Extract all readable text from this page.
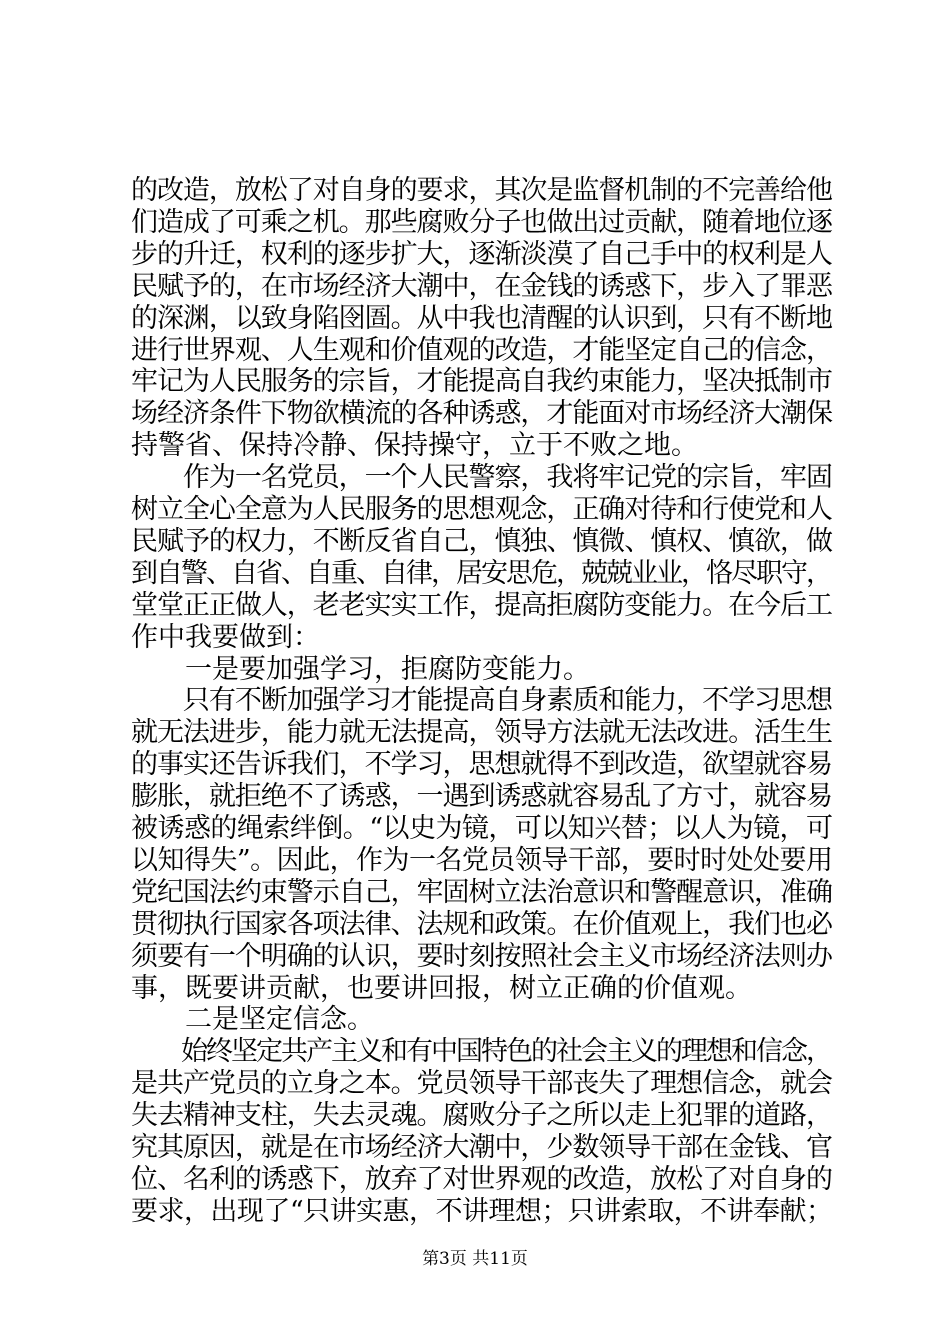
的改造，放松了对自身的要求，其次是监督机制的不完善给他

们造成了可乘之机。那些腐败分子也做出过贡献，随着地位逐

步的升迁，权利的逐步扩大，逐渐淡漠了自己手中的权利是人

民赋予的，在市场经济大潮中，在金钱的诱惑下，步入了罪恶

的深渊，以致身陷囹圄。从中我也清醒的认识到，只有不断地

进行世界观、人生观和价值观的改造，才能坚定自己的信念，

牢记为人民服务的宗旨，才能提高自我约束能力，坚决抵制市

场经济条件下物欲横流的各种诱惑，才能面对市场经济大潮保

持警省、保持冷静、保持操守，立于不败之地。

　　作为一名党员，一个人民警察，我将牢记党的宗旨，牢固

树立全心全意为人民服务的思想观念，正确对待和行使党和人

民赋予的权力，不断反省自己，慎独、慎微、慎权、慎欲，做

到自警、自省、自重、自律，居安思危，兢兢业业，恪尽职守，

堂堂正正做人，老老实实工作，提高拒腐防变能力。在今后工

作中我要做到：

　　一是要加强学习，拒腐防变能力。

　　只有不断加强学习才能提高自身素质和能力，不学习思想

就无法进步，能力就无法提高，领导方法就无法改进。活生生

的事实还告诉我们，不学习，思想就得不到改造，欲望就容易

膨胀，就拒绝不了诱惑，一遇到诱惑就容易乱了方寸，就容易

被诱惑的绳索绊倒。“以史为镜，可以知兴替；以人为镜，可

以知得失”。因此，作为一名党员领导干部，要时时处处要用

党纪国法约束警示自己，牢固树立法治意识和警醒意识，准确

贯彻执行国家各项法律、法规和政策。在价值观上，我们也必

须要有一个明确的认识，要时刻按照社会主义市场经济法则办

事，既要讲贡献，也要讲回报，树立正确的价值观。

　　二是坚定信念。

　　始终坚定共产主义和有中国特色的社会主义的理想和信念，

是共产党员的立身之本。党员领导干部丧失了理想信念，就会

失去精神支柱，失去灵魂。腐败分子之所以走上犯罪的道路，

究其原因，就是在市场经济大潮中，少数领导干部在金钱、官

位、名利的诱惑下，放弃了对世界观的改造，放松了对自身的

要求，出现了“只讲实惠，不讲理想；只讲索取，不讲奉献；

第3页 共11页
